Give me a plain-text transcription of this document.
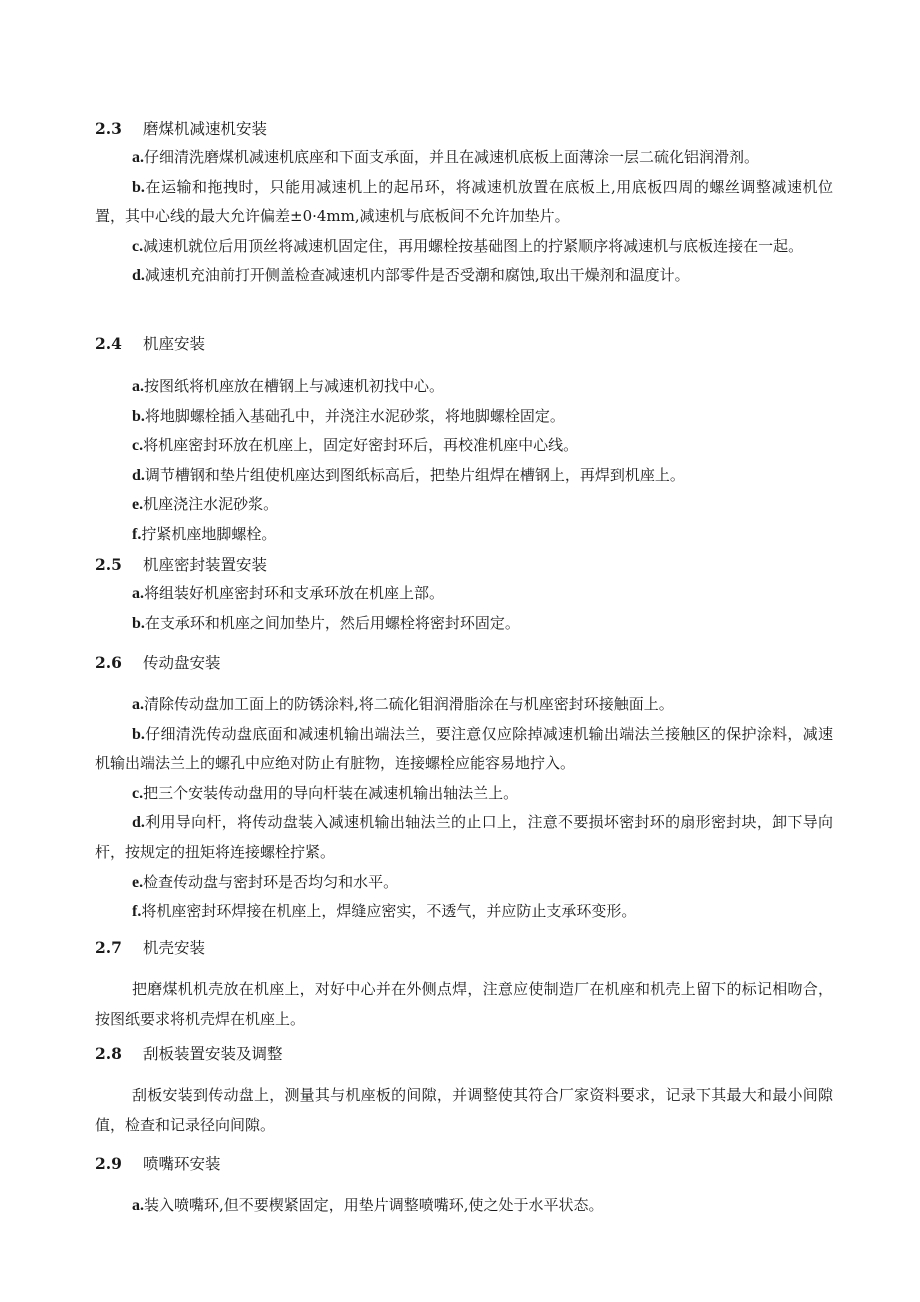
2.3 磨煤机减速机安装

a.仔细清洗磨煤机减速机底座和下面支承面，并且在减速机底板上面薄涂一层二硫化铝润滑剂。

b.在运输和拖拽时，只能用减速机上的起吊环，将减速机放置在底板上,用底板四周的螺丝调整减速机位置，其中心线的最大允许偏差±0·4mm,减速机与底板间不允许加垫片。

c.减速机就位后用顶丝将减速机固定住，再用螺栓按基础图上的拧紧顺序将减速机与底板连接在一起。

d.减速机充油前打开侧盖检查减速机内部零件是否受潮和腐蚀,取出干燥剂和温度计。

2.4 机座安装

a.按图纸将机座放在槽钢上与减速机初找中心。

b.将地脚螺栓插入基础孔中，并浇注水泥砂浆，将地脚螺栓固定。

c.将机座密封环放在机座上，固定好密封环后，再校准机座中心线。

d.调节槽钢和垫片组使机座达到图纸标高后，把垫片组焊在槽钢上，再焊到机座上。

e.机座浇注水泥砂浆。

f.拧紧机座地脚螺栓。

2.5 机座密封装置安装

a.将组装好机座密封环和支承环放在机座上部。

b.在支承环和机座之间加垫片，然后用螺栓将密封环固定。

2.6 传动盘安装

a.清除传动盘加工面上的防锈涂料,将二硫化钼润滑脂涂在与机座密封环接触面上。

b.仔细清洗传动盘底面和减速机输出端法兰，要注意仅应除掉减速机输出端法兰接触区的保护涂料，减速机输出端法兰上的螺孔中应绝对防止有脏物，连接螺栓应能容易地拧入。

c.把三个安装传动盘用的导向杆装在减速机输出轴法兰上。

d.利用导向杆，将传动盘装入减速机输出轴法兰的止口上，注意不要损坏密封环的扇形密封块，卸下导向杆，按规定的扭矩将连接螺栓拧紧。

e.检查传动盘与密封环是否均匀和水平。

f.将机座密封环焊接在机座上，焊缝应密实，不透气，并应防止支承环变形。

2.7 机壳安装

把磨煤机机壳放在机座上，对好中心并在外侧点焊，注意应使制造厂在机座和机壳上留下的标记相吻合，按图纸要求将机壳焊在机座上。

2.8 刮板装置安装及调整

刮板安装到传动盘上，测量其与机座板的间隙，并调整使其符合厂家资料要求，记录下其最大和最小间隙值，检查和记录径向间隙。

2.9 喷嘴环安装

a.装入喷嘴环,但不要楔紧固定，用垫片调整喷嘴环,使之处于水平状态。
